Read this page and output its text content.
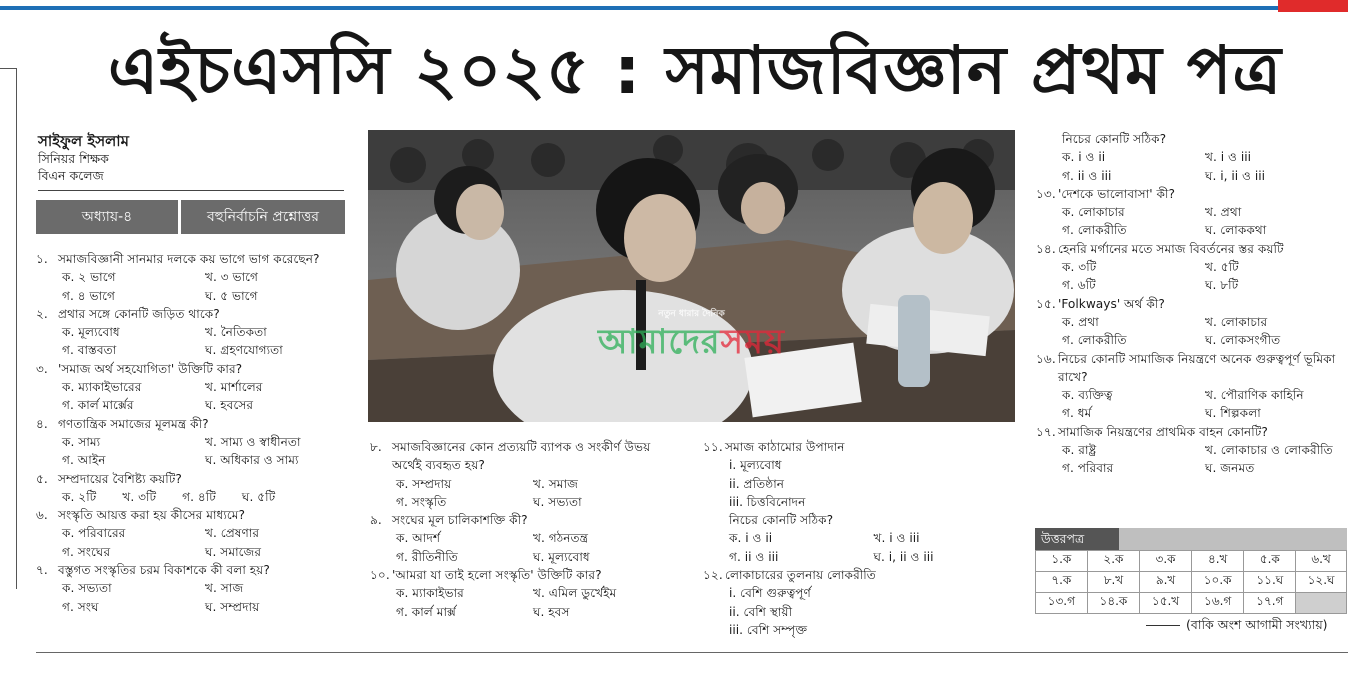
এইচএসসি ২০২৫ : সমাজবিজ্ঞান প্রথম পত্র
সাইফুল ইসলাম
সিনিয়র শিক্ষক
বিএন কলেজ
অধ্যায়-৪	বহুনির্বাচনি প্রশ্নোত্তর
১. সমাজবিজ্ঞানী সানমার দলকে কয় ভাগে ভাগ করেছেন?
ক. ২ ভাগে	খ. ৩ ভাগে
গ. ৪ ভাগে	ঘ. ৫ ভাগে
২. প্রথার সঙ্গে কোনটি জড়িত থাকে?
ক. মূল্যবোধ	খ. নৈতিকতা
গ. বাস্তবতা	ঘ. গ্রহণযোগ্যতা
৩. 'সমাজ অর্থ সহযোগিতা' উক্তিটি কার?
ক. ম্যাকাইভারের	খ. মার্শালের
গ. কার্ল মার্ক্সের	ঘ. হবসের
৪. গণতান্ত্রিক সমাজের মূলমন্ত্র কী?
ক. সাম্য	খ. সাম্য ও স্বাধীনতা
গ. আইন	ঘ. অধিকার ও সাম্য
৫. সম্প্রদায়ের বৈশিষ্ট্য কয়টি?
ক. ২টি খ. ৩টি গ. ৪টি ঘ. ৫টি
৬. সংস্কৃতি আয়ত্ত করা হয় কীসের মাধ্যমে?
ক. পরিবারের	খ. প্রেষণার
গ. সংঘের	ঘ. সমাজের
৭. বস্তুগত সংস্কৃতির চরম বিকাশকে কী বলা হয়?
ক. সভ্যতা	খ. সাজ
গ. সংঘ	ঘ. সম্প্রদায়
নতুন ধারার দৈনিক
আমাদেরসময়
৮. সমাজবিজ্ঞানের কোন প্রত্যয়টি ব্যাপক ও সংকীর্ণ উভয় অর্থেই ব্যবহৃত হয়?
ক. সম্প্রদায়	খ. সমাজ
গ. সংস্কৃতি	ঘ. সভ্যতা
৯. সংঘের মূল চালিকাশক্তি কী?
ক. আদর্শ	খ. গঠনতন্ত্র
গ. রীতিনীতি	ঘ. মূল্যবোধ
১০. 'আমরা যা তাই হলো সংস্কৃতি' উক্তিটি কার?
ক. ম্যাকাইভার	খ. এমিল ডুর্খেইম
গ. কার্ল মার্ক্স	ঘ. হবস
১১. সমাজ কাঠামোর উপাদান
i. মূল্যবোধ
ii. প্রতিষ্ঠান
iii. চিত্তবিনোদন
নিচের কোনটি সঠিক?
ক. i ও ii	খ. i ও iii
গ. ii ও iii	ঘ. i, ii ও iii
১২. লোকাচারের তুলনায় লোকরীতি
i. বেশি গুরুত্বপূর্ণ
ii. বেশি স্থায়ী
iii. বেশি সম্পৃক্ত
নিচের কোনটি সঠিক?
ক. i ও ii	খ. i ও iii
গ. ii ও iii	ঘ. i, ii ও iii
১৩. 'দেশকে ভালোবাসা' কী?
ক. লোকাচার	খ. প্রথা
গ. লোকরীতি	ঘ. লোককথা
১৪. হেনরি মর্গানের মতে সমাজ বিবর্তনের স্তর কয়টি
ক. ৩টি	খ. ৫টি
গ. ৬টি	ঘ. ৮টি
১৫. 'Folkways' অর্থ কী?
ক. প্রথা	খ. লোকাচার
গ. লোকরীতি	ঘ. লোকসংগীত
১৬. নিচের কোনটি সামাজিক নিয়ন্ত্রণে অনেক গুরুত্বপূর্ণ ভূমিকা রাখে?
ক. ব্যক্তিত্ব	খ. পৌরাণিক কাহিনি
গ. ধর্ম	ঘ. শিল্পকলা
১৭. সামাজিক নিয়ন্ত্রণের প্রাথমিক বাহন কোনটি?
ক. রাষ্ট্র	খ. লোকাচার ও লোকরীতি
গ. পরিবার	ঘ. জনমত
উত্তরপত্র
১.ক	২.ক	৩.ক	৪.খ	৫.ক	৬.খ
৭.ক	৮.খ	৯.খ	১০.ক	১১.ঘ	১২.ঘ
১৩.গ	১৪.ক	১৫.খ	১৬.গ	১৭.গ	
(বাকি অংশ আগামী সংখ্যায়)
